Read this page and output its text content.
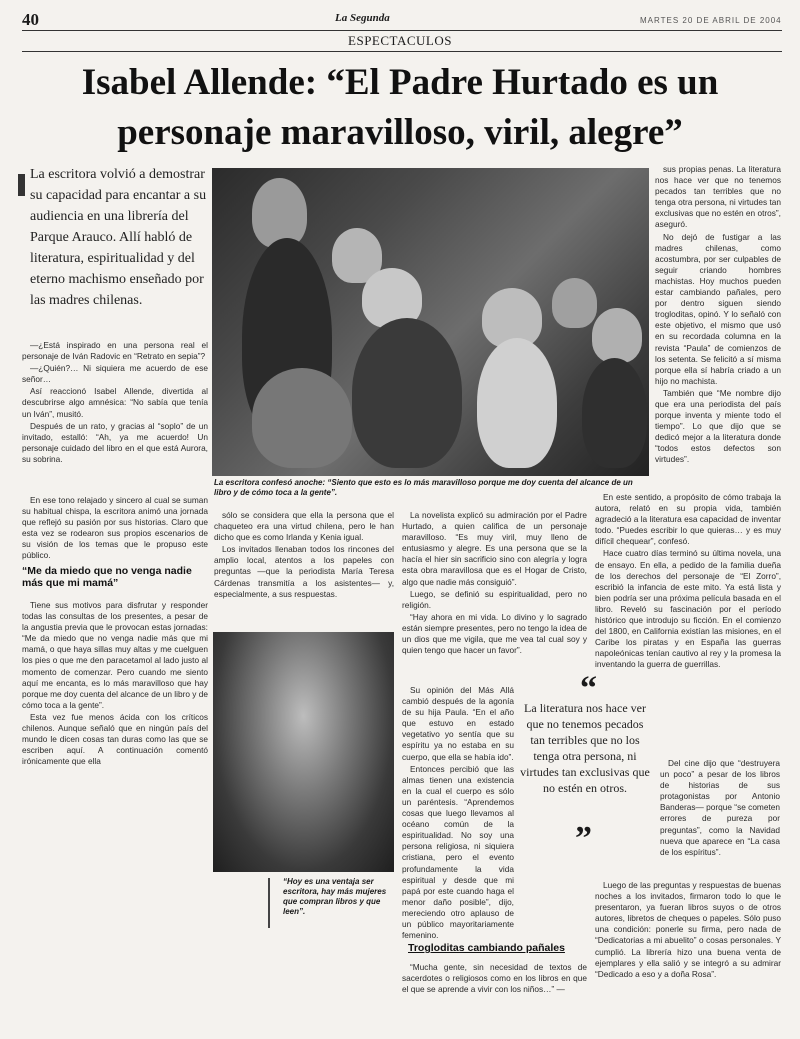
40	La Segunda	MARTES 20 DE ABRIL DE 2004
ESPECTACULOS
Isabel Allende: “El Padre Hurtado es un personaje maravilloso, viril, alegre”
La escritora volvió a demostrar su capacidad para encantar a su audiencia en una librería del Parque Arauco. Allí habló de literatura, espiritualidad y del eterno machismo enseñado por las madres chilenas.

—¿Está inspirado en una persona real el personaje de Iván Radovic en “Retrato en sepia”?

—¿Quién?… Ni siquiera me acuerdo de ese señor…

Así reaccionó Isabel Allende, divertida al descubrirse algo amnésica: “No sabía que tenía un Iván”, musitó.

Después de un rato, y gracias al “soplo” de un invitado, estalló: “Ah, ya me acuerdo! Un personaje cuidado del libro en el que está Aurora, su sobrina.

En ese tono relajado y sincero al cual se suman su habitual chispa, la escritora animó una jornada que reflejó su pasión por sus historias. Claro que esta vez se rodearon sus propios escenarios de su visión de los temas que le propuso este público.

“Me da miedo que no venga nadie más que mi mamá”

Tiene sus motivos para disfrutar y responder todas las consultas de los presentes, a pesar de la angustia previa que le provocan estas jornadas: “Me da miedo que no venga nadie más que mi mamá, o que haya sillas muy altas y me cuelguen los pies o que me den paracetamol al lado justo al momento de comenzar. Pero cuando me siento aquí me encanta, es lo más maravilloso que hay porque me doy cuenta del alcance de un libro y de cómo toca a la gente”.

Esta vez fue menos ácida con los críticos chilenos. Aunque señaló que en ningún país del mundo le dicen cosas tan duras como las que se escriben aquí. A continuación comentó irónicamente que ella

La escritora confesó anoche: “Siento que esto es lo más maravilloso porque me doy cuenta del alcance de un libro y de cómo toca a la gente”.

sólo se considera que ella la persona que el chaqueteo era una virtud chilena, pero le han dicho que es como Irlanda y Kenia igual.

Los invitados llenaban todos los rincones del amplio local, atentos a los papeles con preguntas —que la periodista María Teresa Cárdenas transmitía a los asistentes— y, especialmente, a sus respuestas.

“Hoy es una ventaja ser escritora, hay más mujeres que compran libros y que leen”.

La novelista explicó su admiración por el Padre Hurtado, a quien califica de un personaje maravilloso. “Es muy viril, muy lleno de entusiasmo y alegre. Es una persona que se la hacía el hier sin sacrificio sino con alegría y logra esta obra maravillosa que es el Hogar de Cristo, algo que nadie más consiguió”.

Luego, se definió su espiritualidad, pero no religión.

“Hay ahora en mi vida. Lo divino y lo sagrado están siempre presentes, pero no tengo la idea de un dios que me vigila, que me vea tal cual soy y quien tengo que hacer un favor”.

Su opinión del Más Allá cambió después de la agonía de su hija Paula. “En el año que estuvo en estado vegetativo yo sentía que su espíritu ya no estaba en su cuerpo, que ella se había ido”.

Entonces percibió que las almas tienen una existencia en la cual el cuerpo es sólo un paréntesis. “Aprendemos cosas que luego llevamos al océano común de la espiritualidad. No soy una persona religiosa, ni siquiera cristiana, pero el evento profundamente la vida espiritual y desde que mi papá por este cuando haga el menor daño posible”, dijo, mereciendo otro aplauso de un público mayoritariamente femenino.

Trogloditas cambiando pañales

“Mucha gente, sin necesidad de textos de sacerdotes o religiosos como en los libros en que el que se aprende a vivir con los niños…” —

“
La literatura nos hace ver que no tenemos pecados tan terribles que no los tenga otra persona, ni virtudes tan exclusivas que no estén en otros.
”

sus propias penas. La literatura nos hace ver que no tenemos pecados tan terribles que no tenga otra persona, ni virtudes tan exclusivas que no estén en otros”, aseguró.

No dejó de fustigar a las madres chilenas, como acostumbra, por ser culpables de seguir criando hombres machistas. Hoy muchos pueden estar cambiando pañales, pero por dentro siguen siendo trogloditas, opinó. Y lo señaló con este objetivo, el mismo que usó en su recordada columna en la revista “Paula” de comienzos de los setenta. Se felicitó a sí misma porque ella sí habría criado a un hijo no machista.

También que “Me nombre dijo que era una periodista del país porque inventa y miente todo el tiempo”. Lo que dijo que se dedicó mejor a la literatura donde “todos estos defectos son virtudes”.

En este sentido, a propósito de cómo trabaja la autora, relató en su propia vida, también agradeció a la literatura esa capacidad de inventar todo. “Puedes escribir lo que quieras… y es muy difícil chequear”, confesó.

Hace cuatro días terminó su última novela, una de ensayo. En ella, a pedido de la familia dueña de los derechos del personaje de “El Zorro”, escribió la infancia de este mito. Ya está lista y bien podría ser una próxima película basada en el libro. Reveló su fascinación por el período histórico que introdujo su ficción. En el comienzo del 1800, en California existían las misiones, en el Caribe los piratas y en España las guerras napoleónicas tenían cautivo al rey y la promesa la inventando la guerra de guerrillas.

Del cine dijo que “destruyera un poco” a pesar de los libros de historias de sus protagonistas por Antonio Banderas— porque “se cometen errores de pureza por preguntas”, como la Navidad nueva que aparece en “La casa de los espíritus”.

Luego de las preguntas y respuestas de buenas noches a los invitados, firmaron todo lo que le presentaron, ya fueran libros suyos o de otros autores, libretos de cheques o papeles. Sólo puso una condición: ponerle su firma, pero nada de “Dedicatorias a mi abuelito” o cosas personales. Y cumplió. La librería hizo una buena venta de ejemplares y ella salió y se integró a su admirar “Dedicado a eso y a doña Rosa”.
